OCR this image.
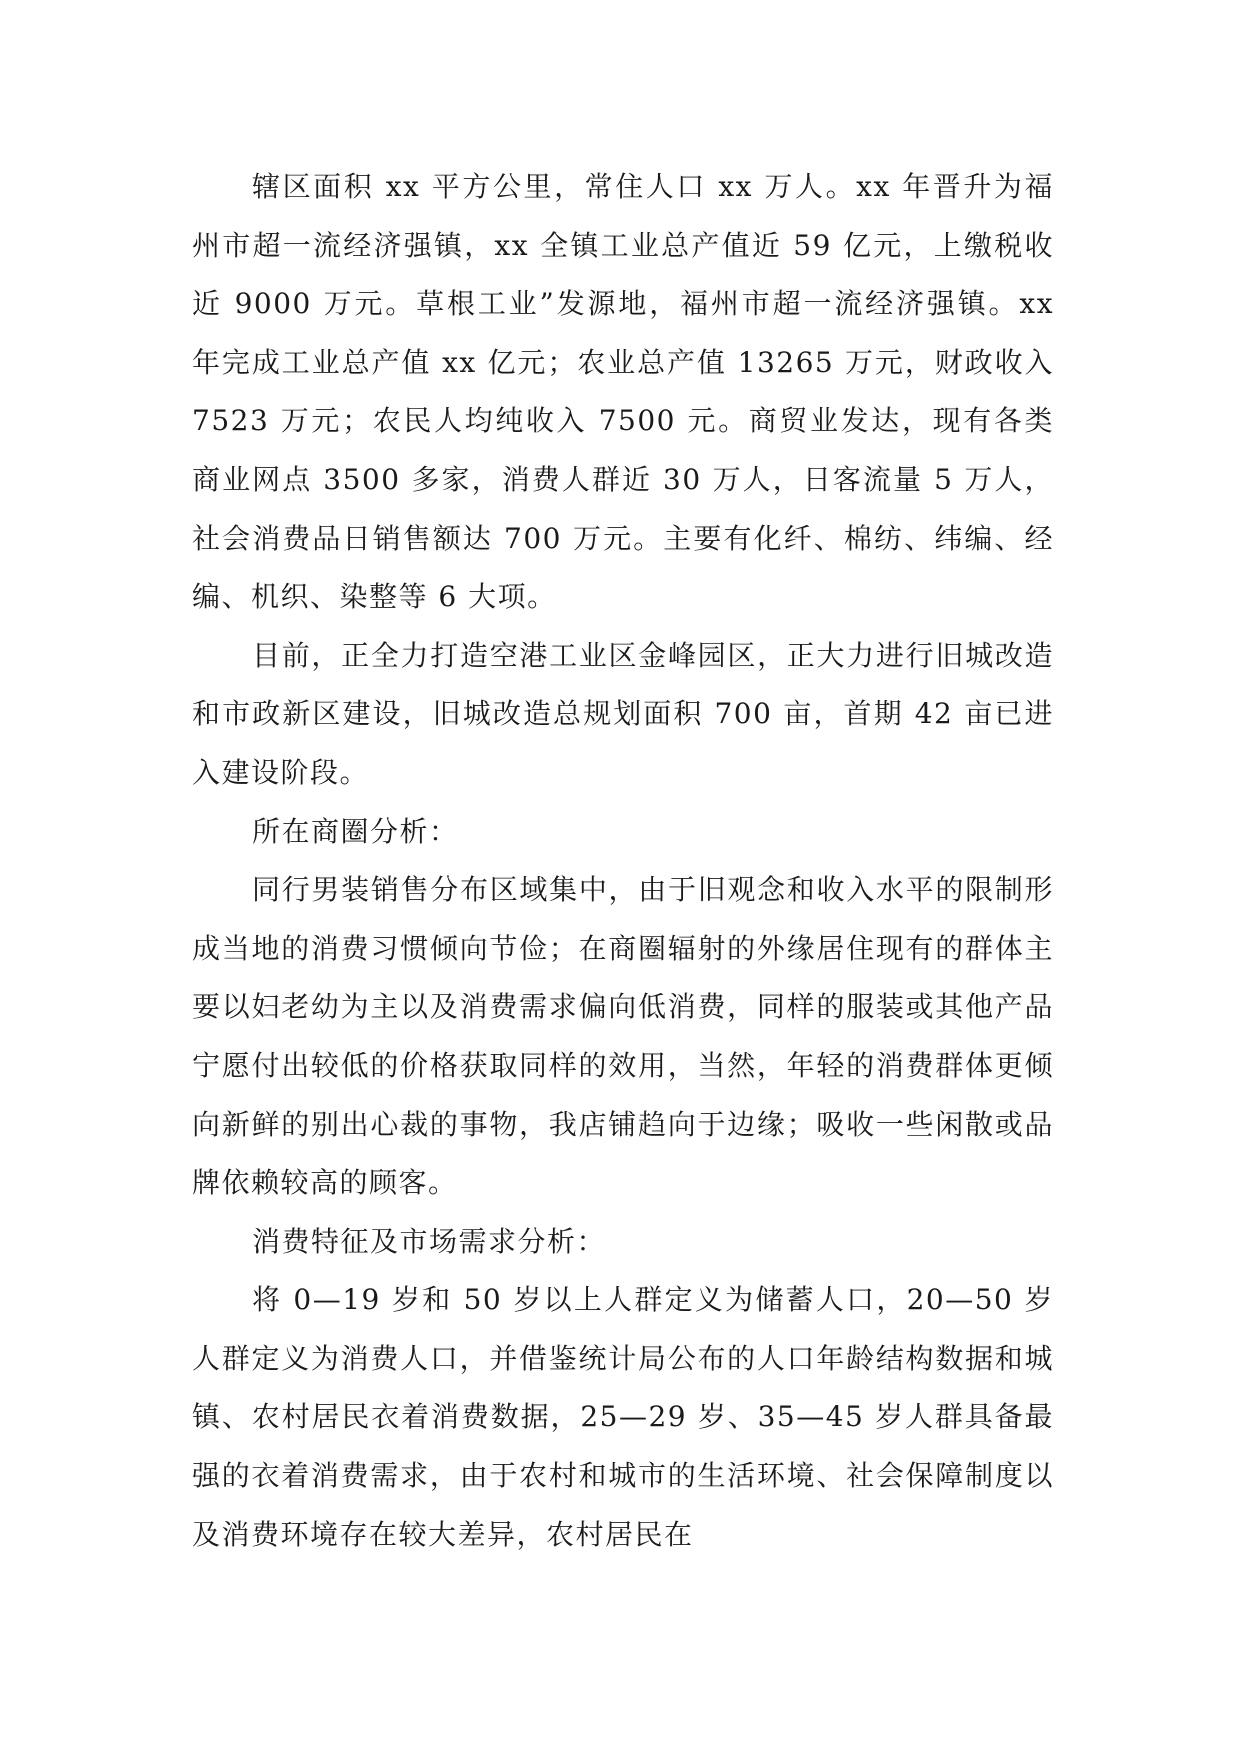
辖区面积 xx 平方公里，常住人口 xx 万人。xx 年晋升为福州市超一流经济强镇，xx 全镇工业总产值近 59 亿元，上缴税收近 9000 万元。草根工业”发源地，福州市超一流经济强镇。xx 年完成工业总产值 xx 亿元；农业总产值 13265 万元，财政收入 7523 万元；农民人均纯收入 7500 元。商贸业发达，现有各类商业网点 3500 多家，消费人群近 30 万人，日客流量 5 万人，社会消费品日销售额达 700 万元。主要有化纤、棉纺、纬编、经编、机织、染整等 6 大项。

目前，正全力打造空港工业区金峰园区，正大力进行旧城改造和市政新区建设，旧城改造总规划面积 700 亩，首期 42 亩已进入建设阶段。

所在商圈分析：

同行男装销售分布区域集中，由于旧观念和收入水平的限制形成当地的消费习惯倾向节俭；在商圈辐射的外缘居住现有的群体主要以妇老幼为主以及消费需求偏向低消费，同样的服装或其他产品宁愿付出较低的价格获取同样的效用，当然，年轻的消费群体更倾向新鲜的别出心裁的事物，我店铺趋向于边缘；吸收一些闲散或品牌依赖较高的顾客。

消费特征及市场需求分析：

将 0—19 岁和 50 岁以上人群定义为储蓄人口，20—50 岁人群定义为消费人口，并借鉴统计局公布的人口年龄结构数据和城镇、农村居民衣着消费数据，25—29 岁、35—45 岁人群具备最强的衣着消费需求，由于农村和城市的生活环境、社会保障制度以及消费环境存在较大差异，农村居民在
